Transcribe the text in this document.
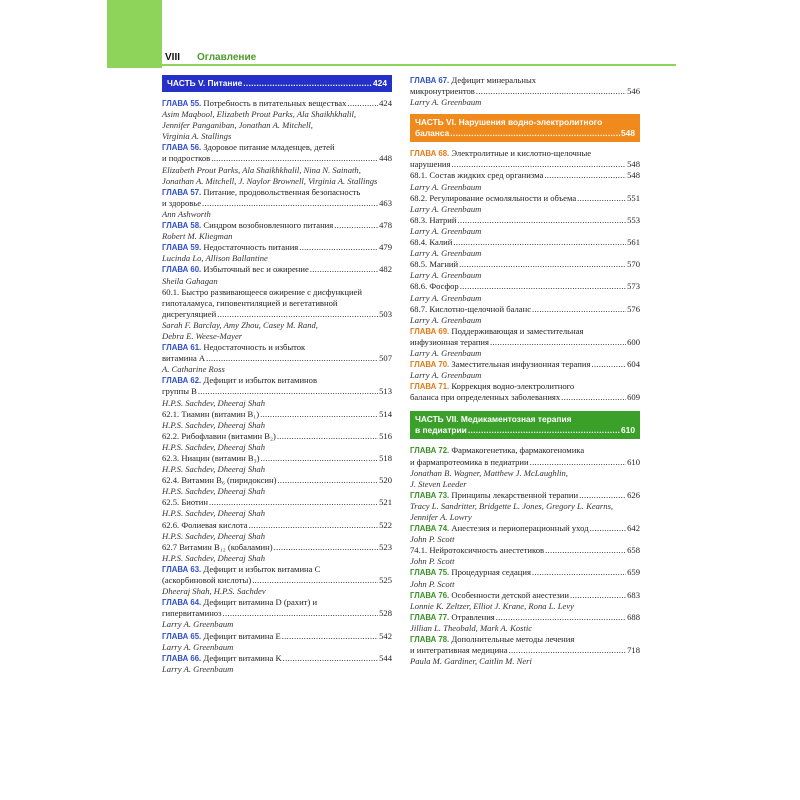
VIII Оглавление
ЧАСТЬ V. Питание .....	424
ГЛАВА 55.
Потребность в питательных веществах .....	424
Asim Maqbool, Elizabeth Prout Parks, Ala Shaikhkhalil,
Jennifer Panganiban, Jonathan A. Mitchell,
Virginia A. Stallings
ГЛАВА 56.
Здоровое питание младенцев, детей
и подростков .....	448
Elizabeth Prout Parks, Ala Shaikhkhalil, Nina N. Sainath,
Jonathan A. Mitchell, J. Naylor Brownell, Virginia A. Stallings
ГЛАВА 57.
Питание, продовольственная безопасность
и здоровье .....	463
Ann Ashworth
ГЛАВА 58.
Синдром возобновленного питания .....	478
Robert M. Kliegman
ГЛАВА 59.
Недостаточность питания .....	479
Lucinda Lo, Allison Ballantine
ГЛАВА 60.
Избыточный вес и ожирение .....	482
Sheila Gahagan
60.1. Быстро развивающееся ожирение с дисфункцией
гипоталамуса, гиповентиляцией и вегетативной
дисрегуляцией .....	503
Sarah F. Barclay, Amy Zhou, Casey M. Rand,
Debra E. Weese-Mayer
ГЛАВА 61.
Недостаточность и избыток
витамина A .....	507
A. Catharine Ross
ГЛАВА 62.
Дефицит и избыток витаминов
группы B .....	513
H.P.S. Sachdev, Dheeraj Shah
62.1. Тиамин (витамин B₁) .....	514
H.P.S. Sachdev, Dheeraj Shah
62.2. Рибофлавин (витамин B₂) .....	516
H.P.S. Sachdev, Dheeraj Shah
62.3. Ниацин (витамин B₃) .....	518
H.P.S. Sachdev, Dheeraj Shah
62.4. Витамин B₆ (пиридоксин) .....	520
H.P.S. Sachdev, Dheeraj Shah
62.5. Биотин .....	521
H.P.S. Sachdev, Dheeraj Shah
62.6. Фолиевая кислота .....	522
H.P.S. Sachdev, Dheeraj Shah
62.7 Витамин B₁₂ (кобаламин) .....	523
H.P.S. Sachdev, Dheeraj Shah
ГЛАВА 63.
Дефицит и избыток витамина C
(аскорбиновой кислоты) .....	525
Dheeraj Shah, H.P.S. Sachdev
ГЛАВА 64.
Дефицит витамина D (рахит) и
гипервитаминоз .....	528
Larry A. Greenbaum
ГЛАВА 65.
Дефицит витамина E .....	542
Larry A. Greenbaum
ГЛАВА 66.
Дефицит витамина K .....	544
Larry A. Greenbaum
ГЛАВА 67.
Дефицит минеральных
микронутриентов .....	546
Larry A. Greenbaum
ЧАСТЬ VI. Нарушения водно-электролитного
баланса .....	548
ГЛАВА 68.
Электролитные и кислотно-щелочные
нарушения .....	548
68.1. Состав жидких сред организма .....	548
Larry A. Greenbaum
68.2. Регулирование осмоляльности и объема .....	551
Larry A. Greenbaum
68.3. Натрий .....	553
Larry A. Greenbaum
68.4. Калий .....	561
Larry A. Greenbaum
68.5. Магний .....	570
Larry A. Greenbaum
68.6. Фосфор .....	573
Larry A. Greenbaum
68.7. Кислотно-щелочной баланс .....	576
Larry A. Greenbaum
ГЛАВА 69.
Поддерживающая и заместительная
инфузионная терапия .....	600
Larry A. Greenbaum
ГЛАВА 70.
Заместительная инфузионная терапия .....	604
Larry A. Greenbaum
ГЛАВА 71.
Коррекция водно-электролитного
баланса при определенных заболеваниях .....	609
ЧАСТЬ VII. Медикаментозная терапия
в педиатрии .....	610
ГЛАВА 72.
Фармакогенетика, фармакогеномика
и фармапротеомика в педиатрии .....	610
Jonathan B. Wagner, Matthew J. McLaughlin,
J. Steven Leeder
ГЛАВА 73.
Принципы лекарственной терапии .....	626
Tracy L. Sandritter, Bridgette L. Jones, Gregory L. Kearns,
Jennifer A. Lowry
ГЛАВА 74.
Анестезия и периоперационный уход .....	642
John P. Scott
74.1. Нейротоксичность анестетиков .....	658
John P. Scott
ГЛАВА 75.
Процедурная седация .....	659
John P. Scott
ГЛАВА 76.
Особенности детской анестезии .....	683
Lonnie K. Zeltzer, Elliot J. Krane, Rona L. Levy
ГЛАВА 77.
Отравления .....	688
Jillian L. Theobald, Mark A. Kostic
ГЛАВА 78.
Дополнительные методы лечения
и интегративная медицина .....	718
Paula M. Gardiner, Caitlin M. Neri
